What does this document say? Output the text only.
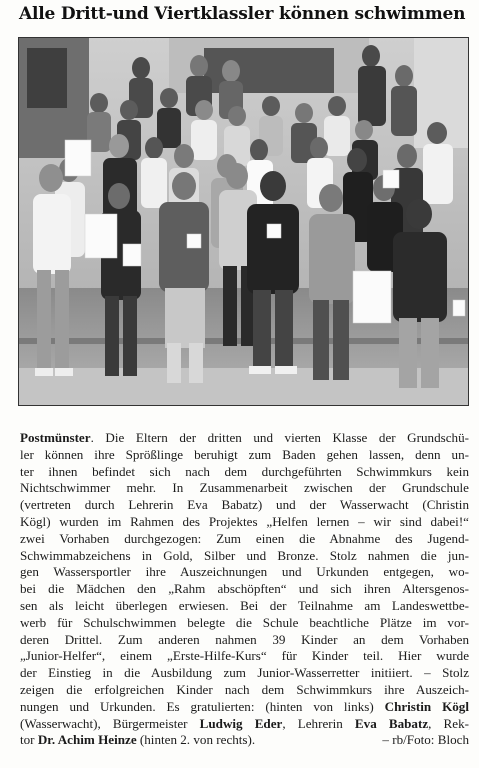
Alle Dritt-und Viertklassler können schwimmen
Postmünster. Die Eltern der dritten und vierten Klasse der Grundschü-
ler können ihre Sprößlinge beruhigt zum Baden gehen lassen, denn un-
ter ihnen befindet sich nach dem durchgeführten Schwimmkurs kein
Nichtschwimmer mehr. In Zusammenarbeit zwischen der Grundschule
(vertreten durch Lehrerin Eva Babatz) und der Wasserwacht (Christin
Kögl) wurden im Rahmen des Projektes „Helfen lernen – wir sind dabei!“
zwei Vorhaben durchgezogen: Zum einen die Abnahme des Jugend-
Schwimmabzeichens in Gold, Silber und Bronze. Stolz nahmen die jun-
gen Wassersportler ihre Auszeichnungen und Urkunden entgegen, wo-
bei die Mädchen den „Rahm abschöpften“ und sich ihren Altersgenos-
sen als leicht überlegen erwiesen. Bei der Teilnahme am Landeswettbe-
werb für Schulschwimmen belegte die Schule beachtliche Plätze im vor-
deren Drittel. Zum anderen nahmen 39 Kinder an dem Vorhaben
„Junior-Helfer“, einem „Erste-Hilfe-Kurs“ für Kinder teil. Hier wurde
der Einstieg in die Ausbildung zum Junior-Wasserretter initiiert. – Stolz
zeigen die erfolgreichen Kinder nach dem Schwimmkurs ihre Auszeich-
nungen und Urkunden. Es gratulierten: (hinten von links) Christin Kögl
(Wasserwacht), Bürgermeister Ludwig Eder, Lehrerin Eva Babatz, Rek-
tor Dr. Achim Heinze (hinten 2. von rechts).	– rb/Foto: Bloch
